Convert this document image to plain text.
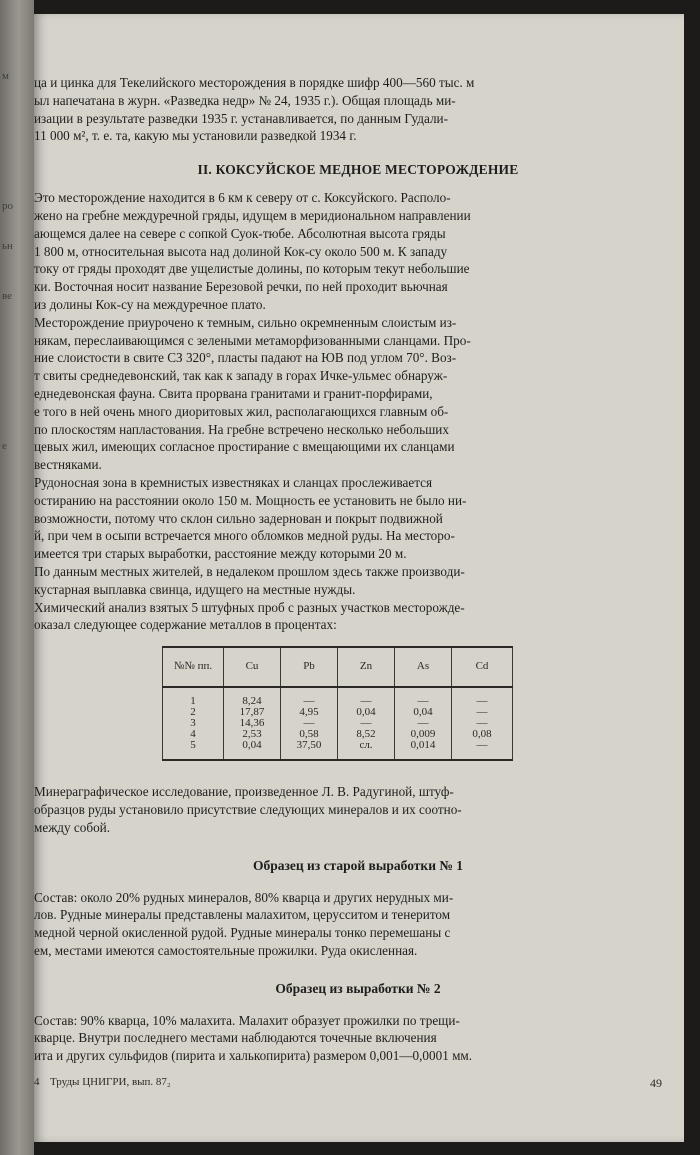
м
ро
ьн
ве
е
ца и цинка для Текелийского месторождения в порядке шифр 400—560 тыс. м
ыл напечатана в журн. «Разведка недр» № 24, 1935 г.). Общая площадь ми-
изации в результате разведки 1935 г. устанавливается, по данным Гудали-
11 000 м², т. е. та, какую мы установили разведкой 1934 г.
II. КОКСУЙСКОЕ МЕДНОЕ МЕСТОРОЖДЕНИЕ
Это месторождение находится в 6 км к северу от с. Коксуйского. Располо-
жено на гребне междуречной гряды, идущем в меридиональном направлении
ающемся далее на севере с сопкой Суок-тюбе. Абсолютная высота гряды
1 800 м, относительная высота над долиной Кок-су около 500 м. К западу
току от гряды проходят две ущелистые долины, по которым текут небольшие
ки. Восточная носит название Березовой речки, по ней проходит вьючная
из долины Кок-су на междуречное плато.
Месторождение приурочено к темным, сильно окремненным слоистым из-
някам, переслаивающимся с зелеными метаморфизованными сланцами. Про-
ние слоистости в свите СЗ 320°, пласты падают на ЮВ под углом 70°. Воз-
т свиты среднедевонский, так как к западу в горах Ичке-ульмес обнаруж-
еднедевонская фауна. Свита прорвана гранитами и гранит-порфирами,
е того в ней очень много диоритовых жил, располагающихся главным об-
по плоскостям напластования. На гребне встречено несколько небольших
цевых жил, имеющих согласное простирание с вмещающими их сланцами
вестняками.
Рудоносная зона в кремнистых известняках и сланцах прослеживается
остиранию на расстоянии около 150 м. Мощность ее установить не было ни-
возможности, потому что склон сильно задернован и покрыт подвижной
й, при чем в осыпи встречается много обломков медной руды. На месторо-
имеется три старых выработки, расстояние между которыми 20 м.
По данным местных жителей, в недалеком прошлом здесь также производи-
кустарная выплавка свинца, идущего на местные нужды.
Химический анализ взятых 5 штуфных проб с разных участков месторожде-
оказал следующее содержание металлов в процентах:
№№ пп.	Cu	Pb	Zn	As	Cd
1	8,24	—	—	—	—
2	17,87	4,95	0,04	0,04	—
3	14,36	—	—	—	—
4	2,53	0,58	8,52	0,009	0,08
5	0,04	37,50	сл.	0,014	—
Минераграфическое исследование, произведенное Л. В. Радугиной, штуф-
образцов руды установило присутствие следующих минералов и их соотно-
между собой.
Образец из старой выработки № 1
Состав: около 20% рудных минералов, 80% кварца и других нерудных ми-
лов. Рудные минералы представлены малахитом, церусситом и тенеритом
медной черной окисленной рудой. Рудные минералы тонко перемешаны с
ем, местами имеются самостоятельные прожилки. Руда окисленная.
Образец из выработки № 2
Состав: 90% кварца, 10% малахита. Малахит образует прожилки по трещи-
кварце. Внутри последнего местами наблюдаются точечные включения
ита и других сульфидов (пирита и халькопирита) размером 0,001—0,0001 мм.
4 Труды ЦНИГРИ, вып. 87₂	49
